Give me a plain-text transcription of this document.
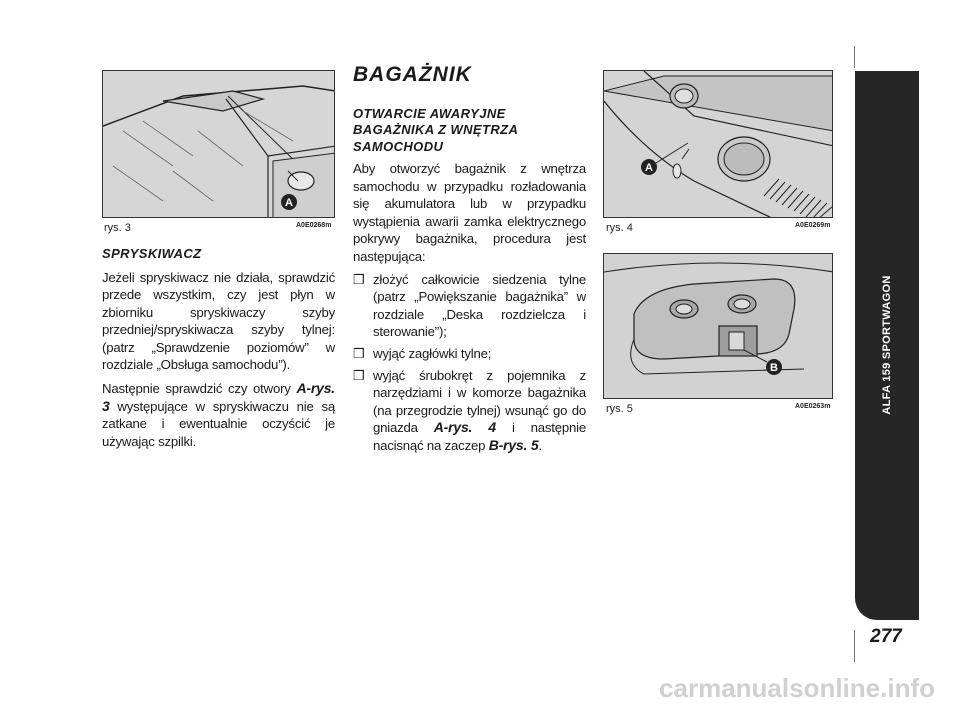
A
rys. 3	A0E0268m

SPRYSKIWACZ

Jeżeli spryskiwacz nie działa, sprawdzić przede wszystkim, czy jest płyn w zbiorniku spryskiwaczy szyby przedniej/spryskiwacza szyby tylnej: (patrz „Sprawdzenie poziomów” w rozdziale „Obsługa samochodu”).

Następnie sprawdzić czy otwory A-rys. 3 występujące w spryskiwaczu nie są zatkane i ewentualnie oczyścić je używając szpilki.

BAGAŻNIK
OTWARCIE AWARYJNE
BAGAŻNIKA Z WNĘTRZA
SAMOCHODU

Aby otworzyć bagażnik z wnętrza samochodu w przypadku rozładowania się akumulatora lub w przypadku wystąpienia awarii zamka elektrycznego pokrywy bagażnika, procedura jest następująca:

❒ złożyć całkowicie siedzenia tylne (patrz „Powiększanie bagażnika” w rozdziale „Deska rozdzielcza i sterowanie”);
❒ wyjąć zagłówki tylne;
❒ wyjąć śrubokręt z pojemnika z narzędziami i w komorze bagażnika (na przegrodzie tylnej) wsunąć go do gniazda A-rys. 4 i następnie nacisnąć na zaczep B-rys. 5.
A
rys. 4	A0E0269m
B
rys. 5	A0E0263m	ALFA 159 SPORTWAGON
277
carmanualsonline.info
